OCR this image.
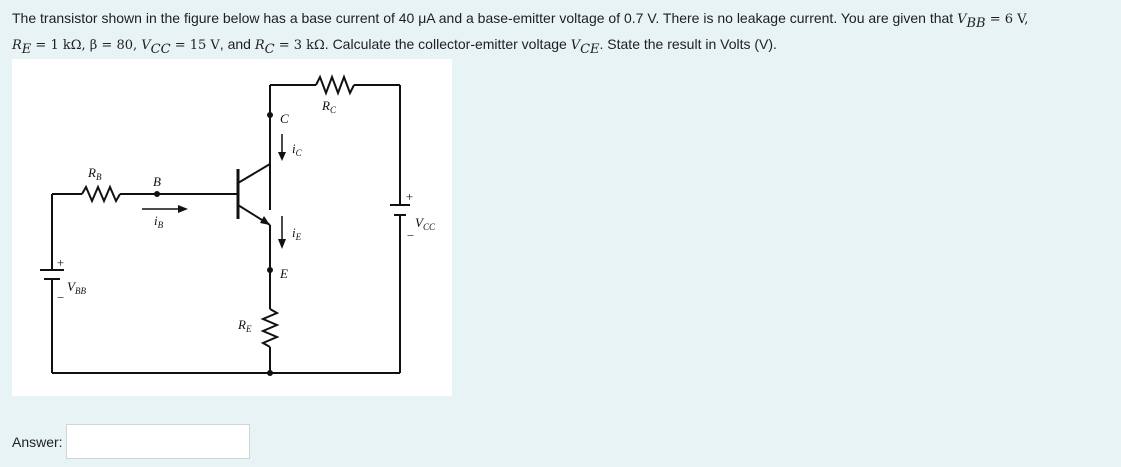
The transistor shown in the figure below has a base current of 40 μA and a base-emitter voltage of 0.7 V. There is no leakage current. You are given that $V_{BB} = 6$ V,
$R_E = 1$ kΩ, β = 80, $V_{CC} = 15$ V, and $R_C = 3$ kΩ. Calculate the collector-emitter voltage $V_{CE}$. State the result in Volts (V).

$R_C$
C
$i_C$
$R_B$	B
$i_B$	$i_E$
E
$R_E$
$V_{BB}$
+
−
$V_{CC}$
+
−
Answer:
